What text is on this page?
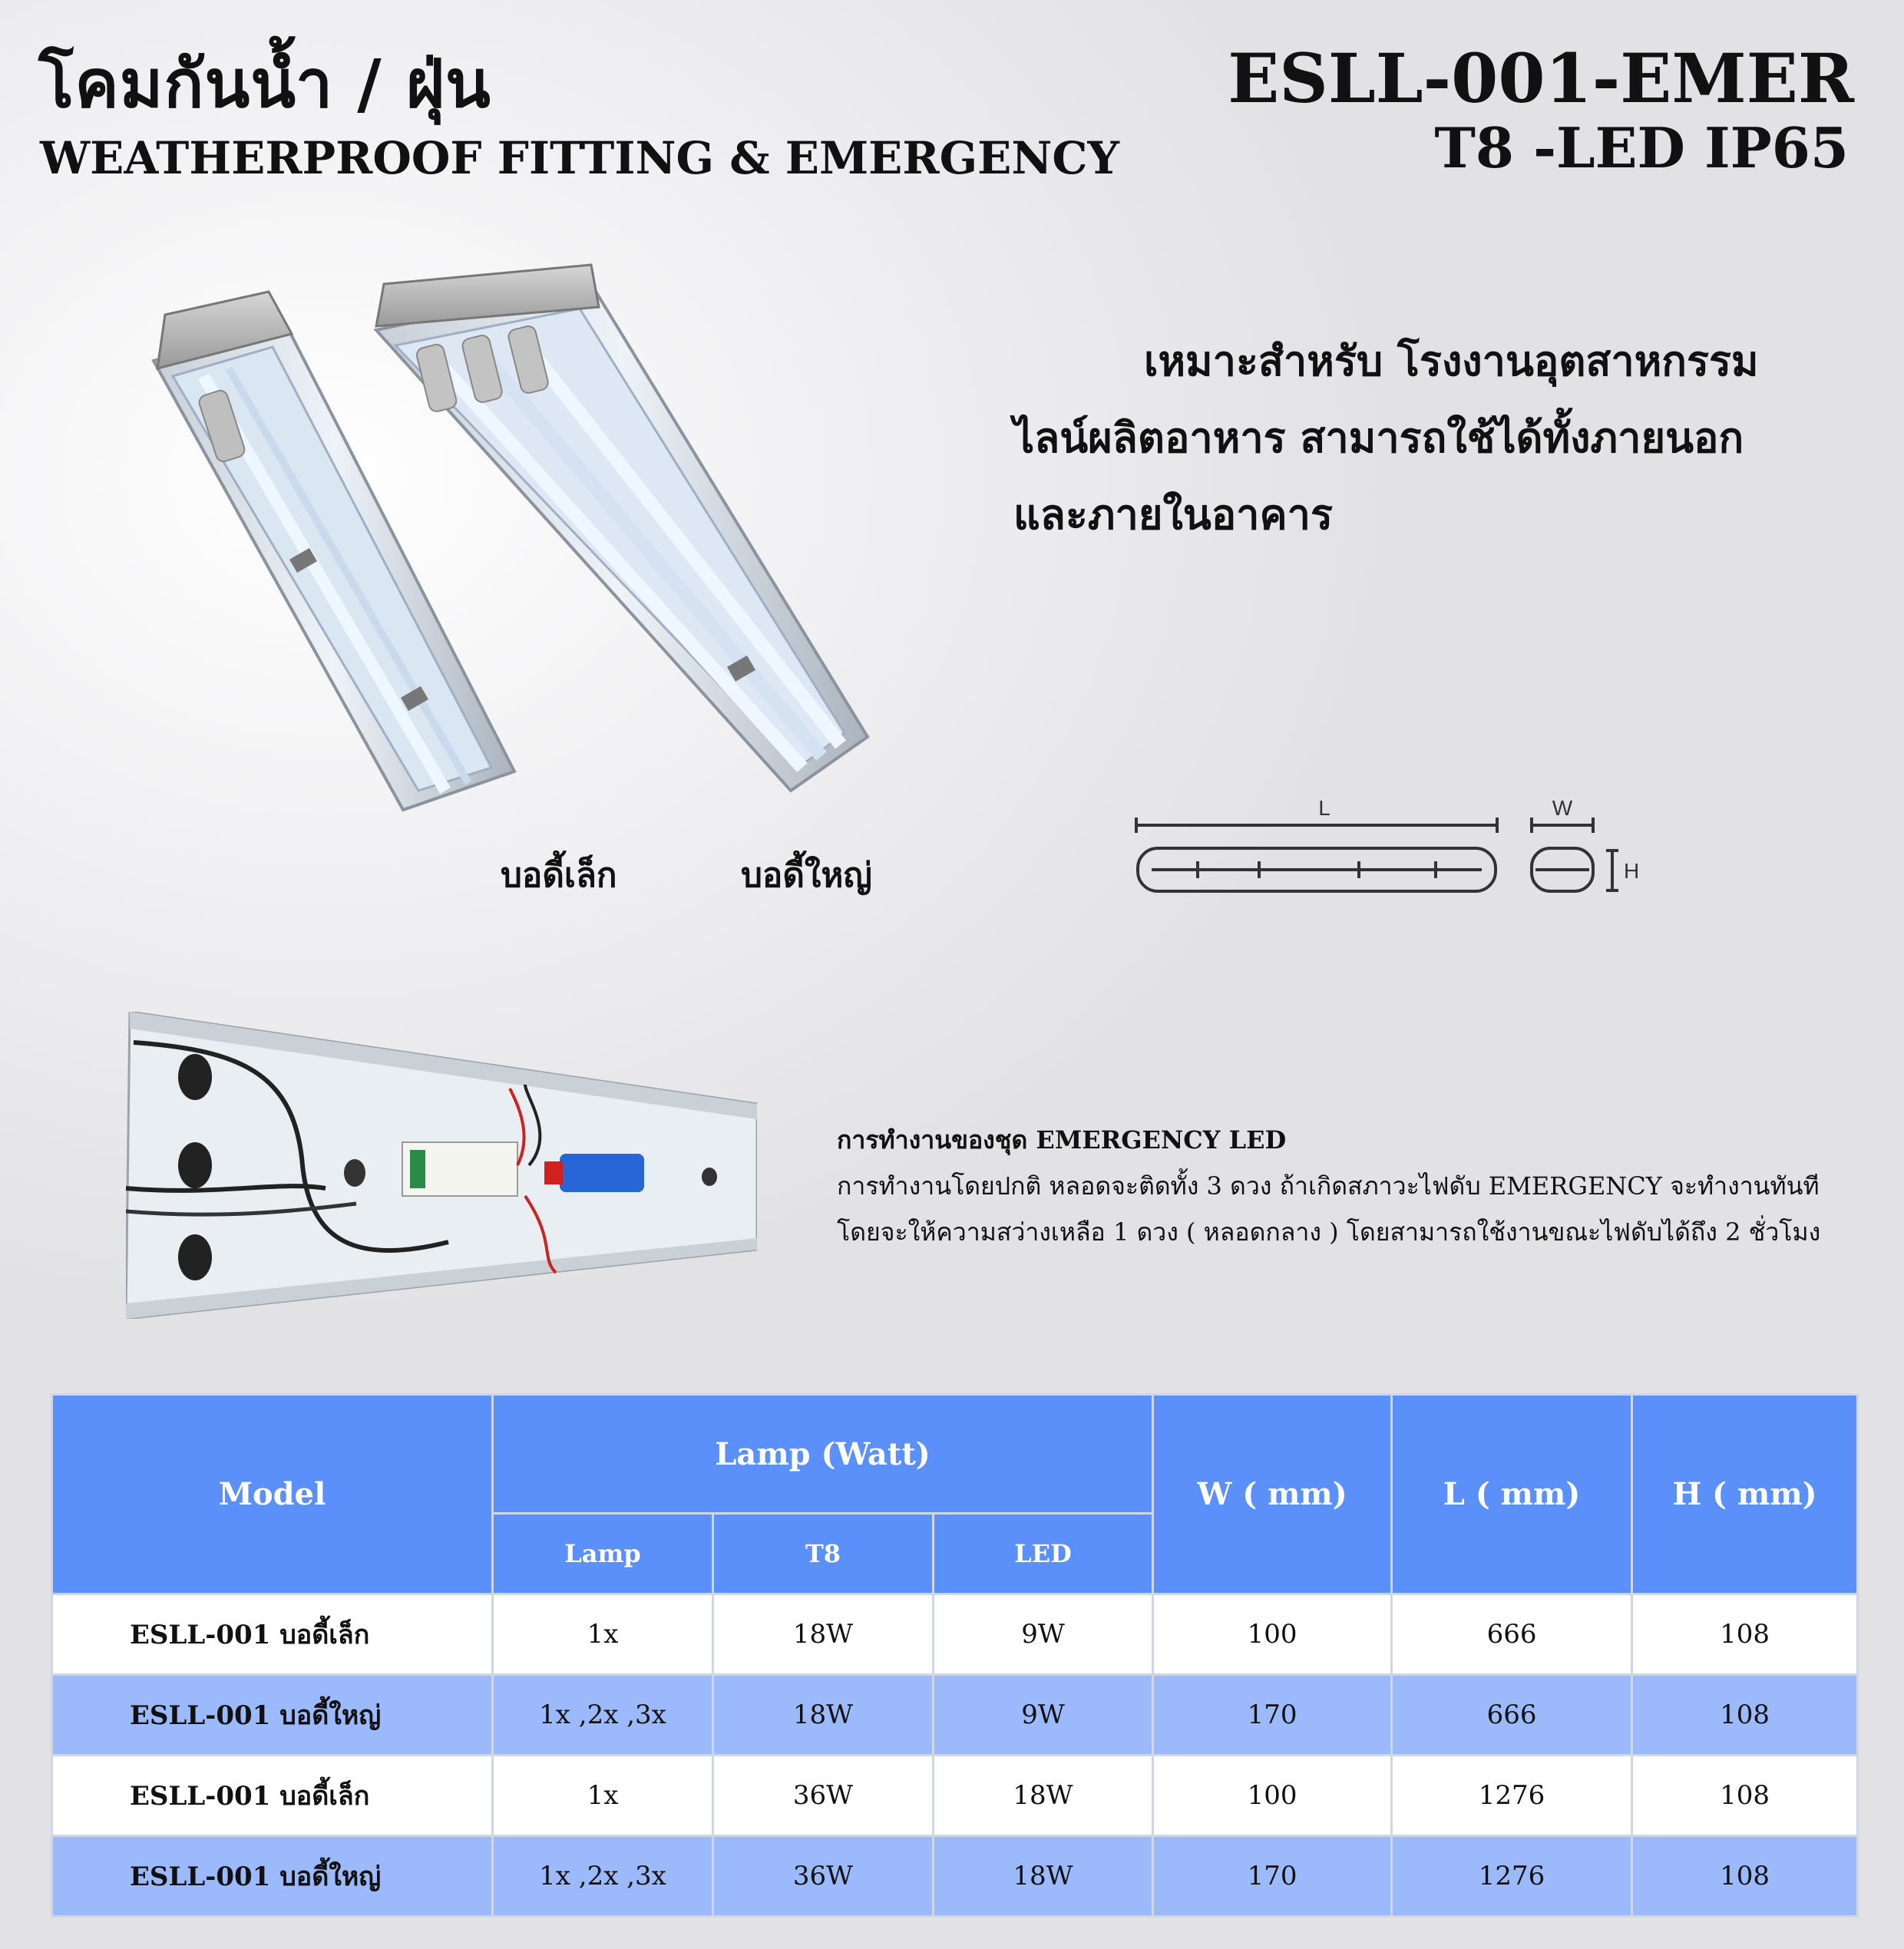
โคมกันน้ำ / ฝุ่น
WEATHERPROOF FITTING & EMERGENCY
ESLL-001-EMER
T8 -LED IP65
บอดี้เล็ก	บอดี้ใหญ่
เหมาะสำหรับ โรงงานอุตสาหกรรม
ไลน์ผลิตอาหาร สามารถใช้ได้ทั้งภายนอก
และภายในอาคาร
L	W
H
การทำงานของชุด EMERGENCY LED
การทำงานโดยปกติ หลอดจะติดทั้ง 3 ดวง ถ้าเกิดสภาวะไฟดับ EMERGENCY จะทำงานทันที
โดยจะให้ความสว่างเหลือ 1 ดวง ( หลอดกลาง ) โดยสามารถใช้งานขณะไฟดับได้ถึง 2 ชั่วโมง
Model	Lamp (Watt)			W ( mm)	L ( mm)	H ( mm)
	Lamp	T8	LED			
ESLL-001 บอดี้เล็ก	1x	18W	9W	100	666	108
ESLL-001 บอดี้ใหญ่	1x ,2x ,3x	18W	9W	170	666	108
ESLL-001 บอดี้เล็ก	1x	36W	18W	100	1276	108
ESLL-001 บอดี้ใหญ่	1x ,2x ,3x	36W	18W	170	1276	108
